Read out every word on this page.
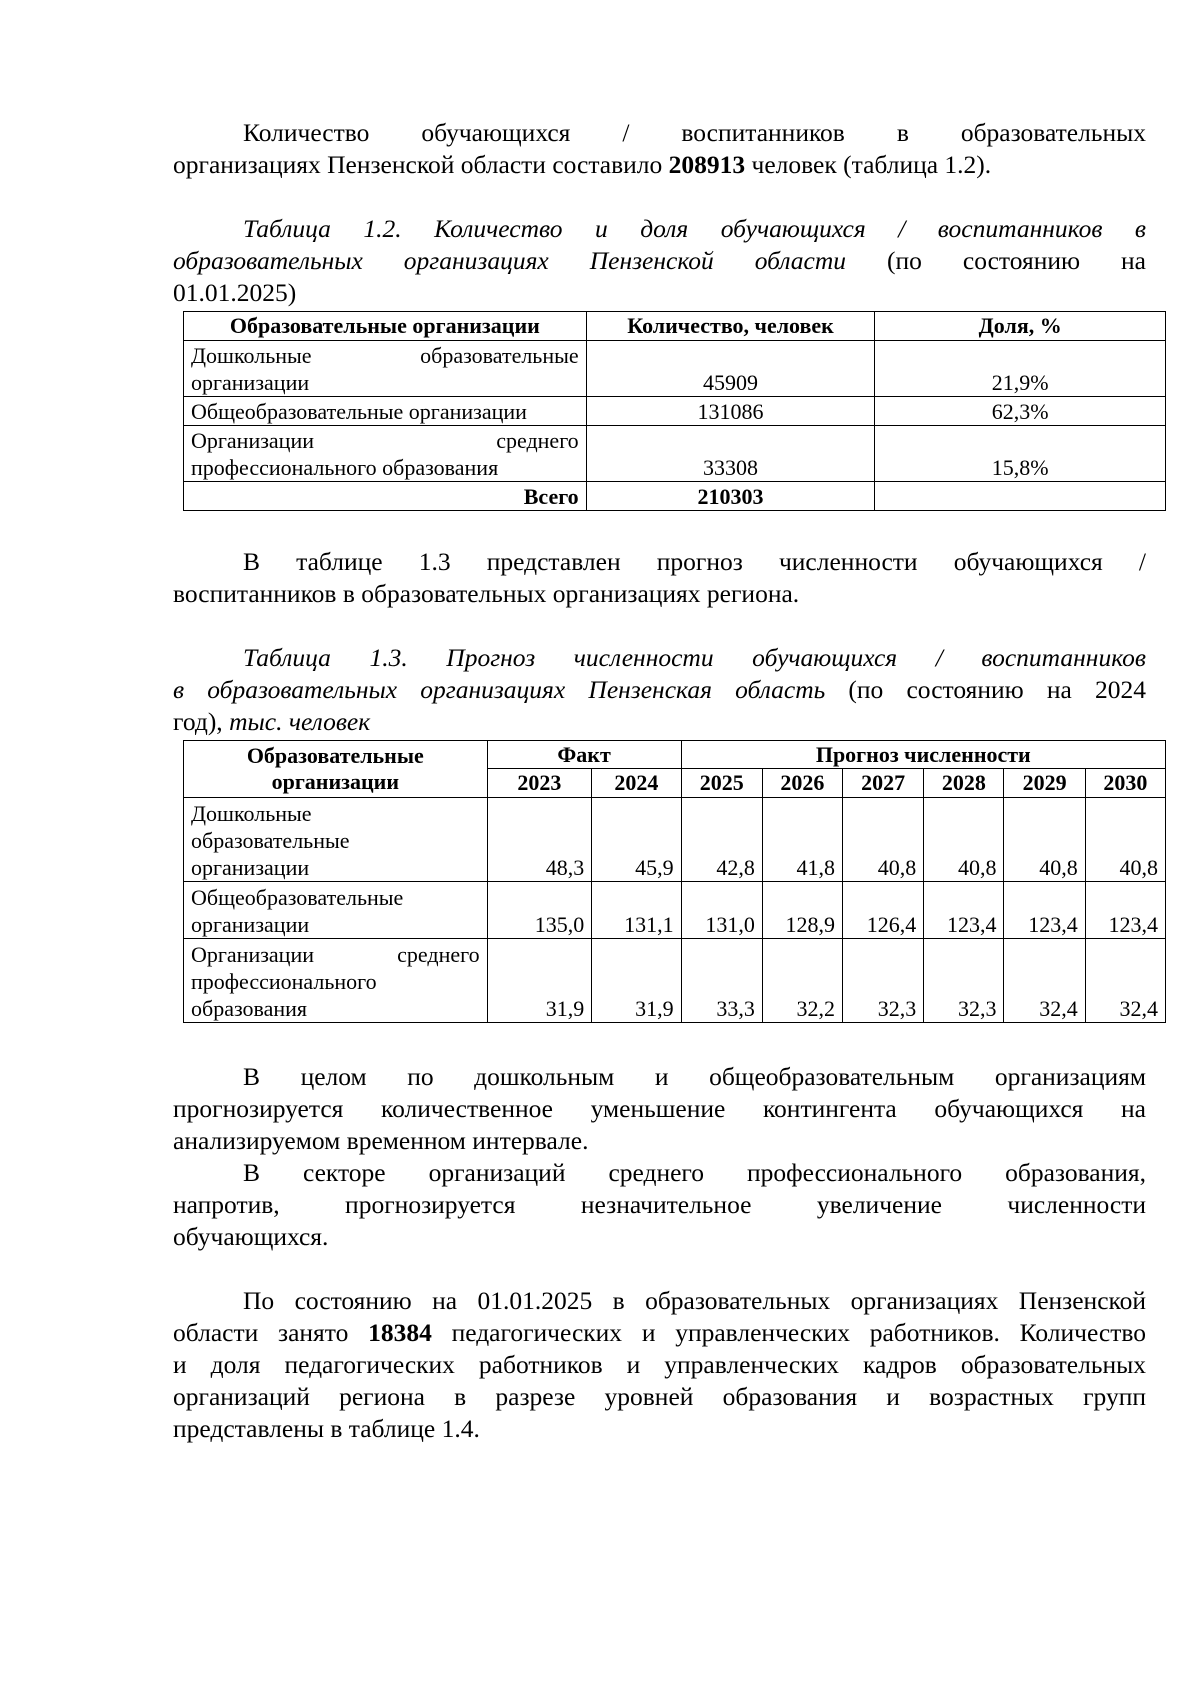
Количество обучающихся / воспитанников в образовательных
организациях Пензенской области составило 208913 человек (таблица 1.2).
Таблица 1.2. Количество и доля обучающихся / воспитанников в
образовательных организациях Пензенской области (по состоянию на
01.01.2025)
Образовательные организации	Количество, человек	Доля, %

Дошкольные образовательные
организации	45909	21,9%
Общеобразовательные организации	131086	62,3%

Организации среднего
профессионального образования	33308	15,8%
Всего	210303	
В таблице 1.3 представлен прогноз численности обучающихся /
воспитанников в образовательных организациях региона.
Таблица 1.3. Прогноз численности обучающихся / воспитанников
в образовательных организациях Пензенская область (по состоянию на 2024
год), тыс. человек
Образовательные
организации	Факт		Прогноз численности					
	2023	2024	2025	2026	2027	2028	2029	2030

Дошкольные
образовательные
организации	48,3	45,9	42,8	41,8	40,8	40,8	40,8	40,8

Общеобразовательные
организации	135,0	131,1	131,0	128,9	126,4	123,4	123,4	123,4

Организации среднего
профессионального
образования	31,9	31,9	33,3	32,2	32,3	32,3	32,4	32,4
В целом по дошкольным и общеобразовательным организациям
прогнозируется количественное уменьшение контингента обучающихся на
анализируемом временном интервале.
В секторе организаций среднего профессионального образования,
напротив, прогнозируется незначительное увеличение численности
обучающихся.
По состоянию на 01.01.2025 в образовательных организациях Пензенской
области занято 18384 педагогических и управленческих работников. Количество
и доля педагогических работников и управленческих кадров образовательных
организаций региона в разрезе уровней образования и возрастных групп
представлены в таблице 1.4.
